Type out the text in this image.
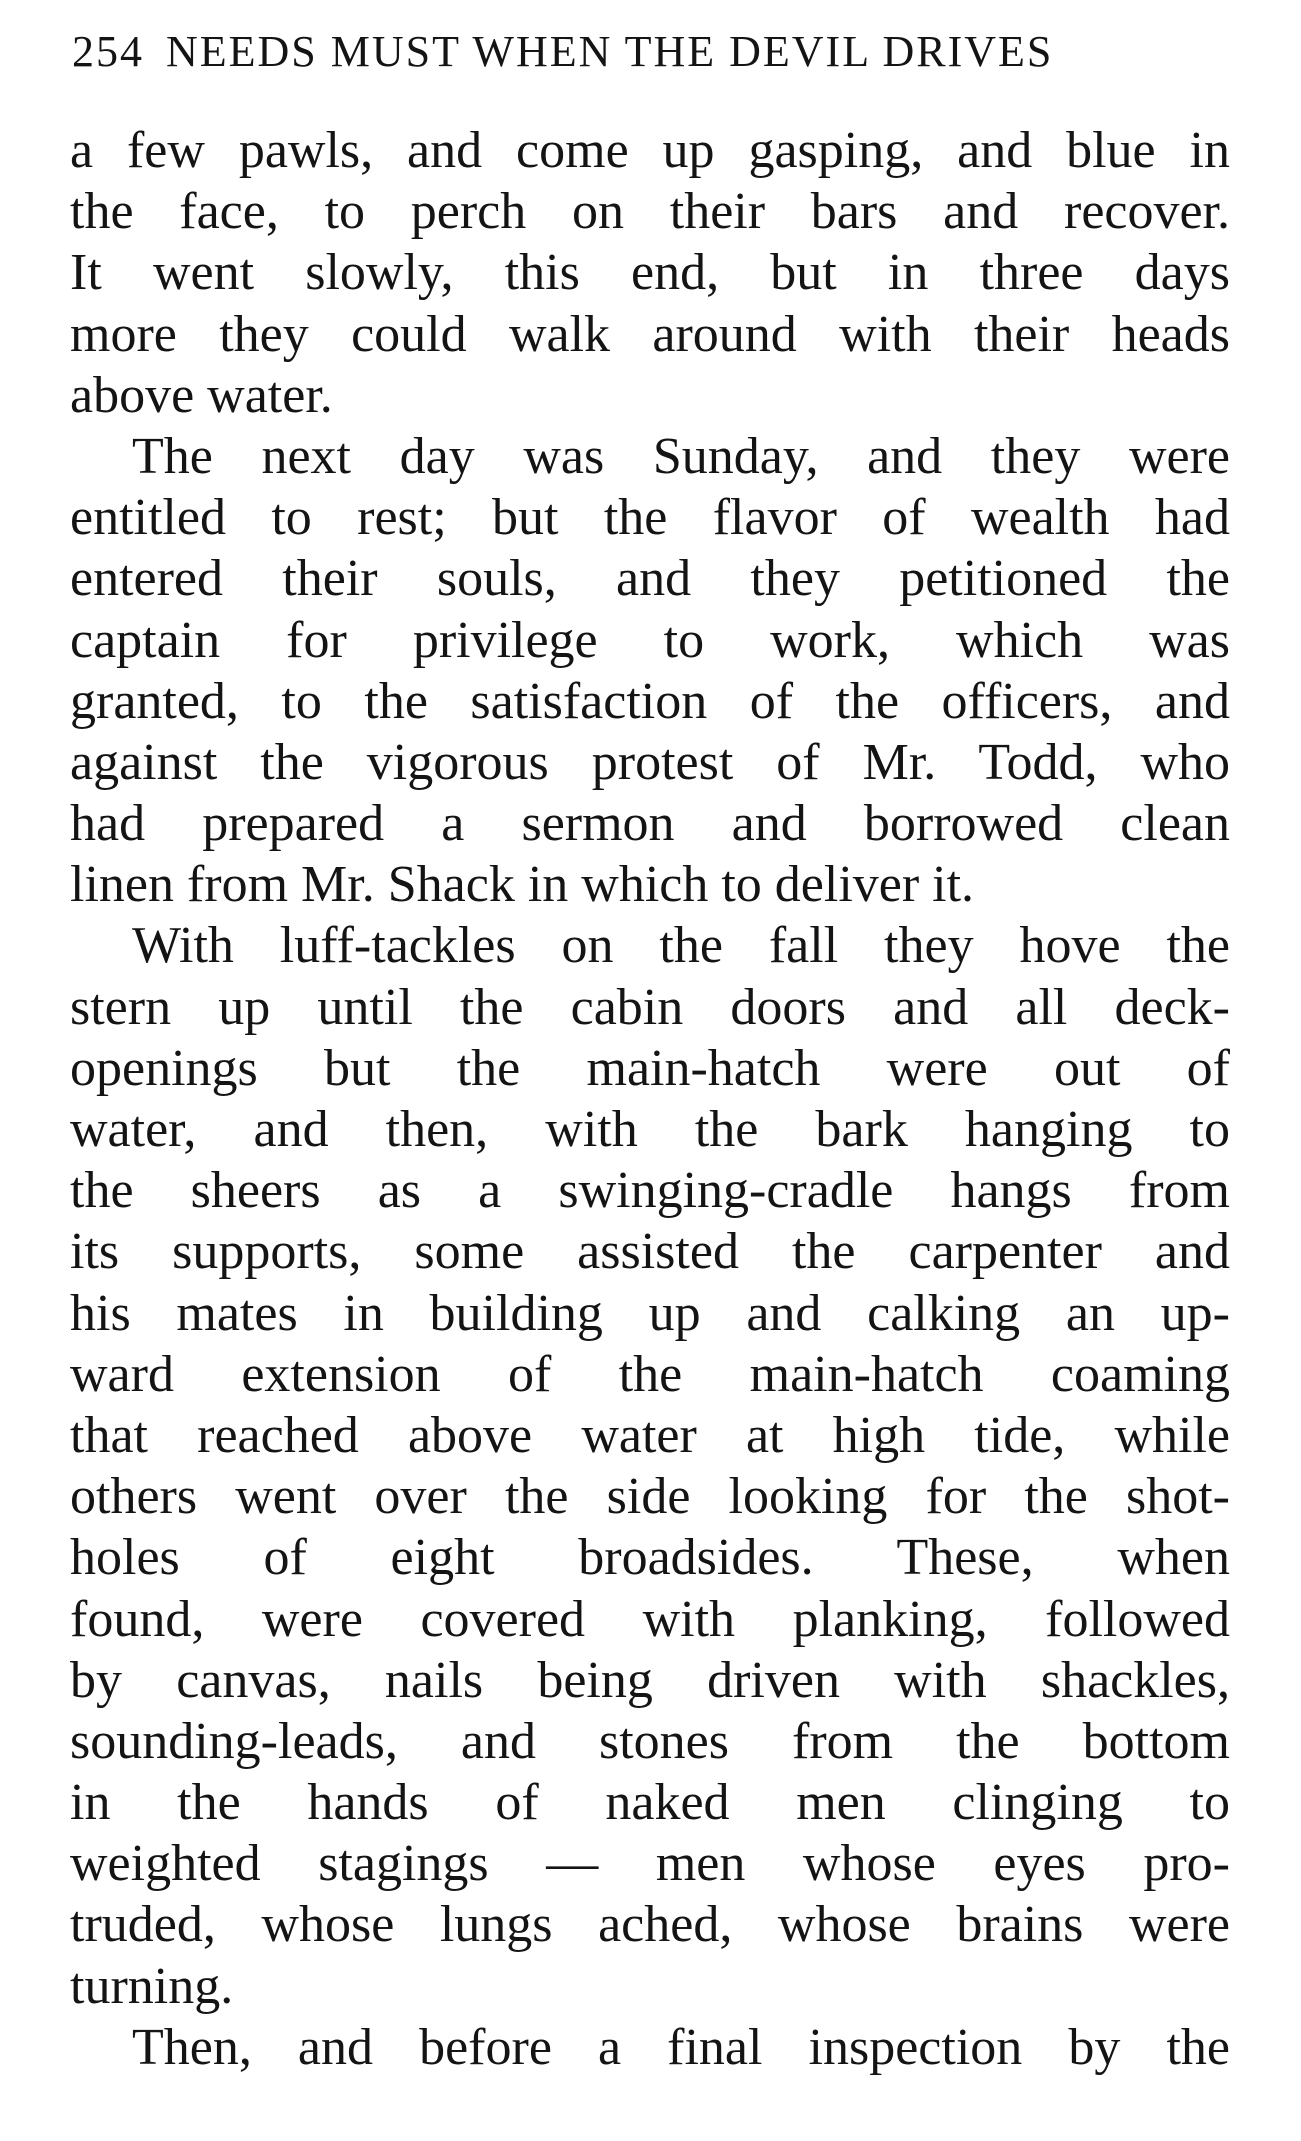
254 NEEDS MUST WHEN THE DEVIL DRIVES
a few pawls, and come up gasping, and blue in
the face, to perch on their bars and recover.
It went slowly, this end, but in three days
more they could walk around with their heads
above water.
The next day was Sunday, and they were
entitled to rest; but the flavor of wealth had
entered their souls, and they petitioned the
captain for privilege to work, which was
granted, to the satisfaction of the officers, and
against the vigorous protest of Mr. Todd, who
had prepared a sermon and borrowed clean
linen from Mr. Shack in which to deliver it.
With luff-tackles on the fall they hove the
stern up until the cabin doors and all deck-
openings but the main-hatch were out of
water, and then, with the bark hanging to
the sheers as a swinging-cradle hangs from
its supports, some assisted the carpenter and
his mates in building up and calking an up-
ward extension of the main-hatch coaming
that reached above water at high tide, while
others went over the side looking for the shot-
holes of eight broadsides. These, when
found, were covered with planking, followed
by canvas, nails being driven with shackles,
sounding-leads, and stones from the bottom
in the hands of naked men clinging to
weighted stagings — men whose eyes pro-
truded, whose lungs ached, whose brains were
turning.
Then, and before a final inspection by the
